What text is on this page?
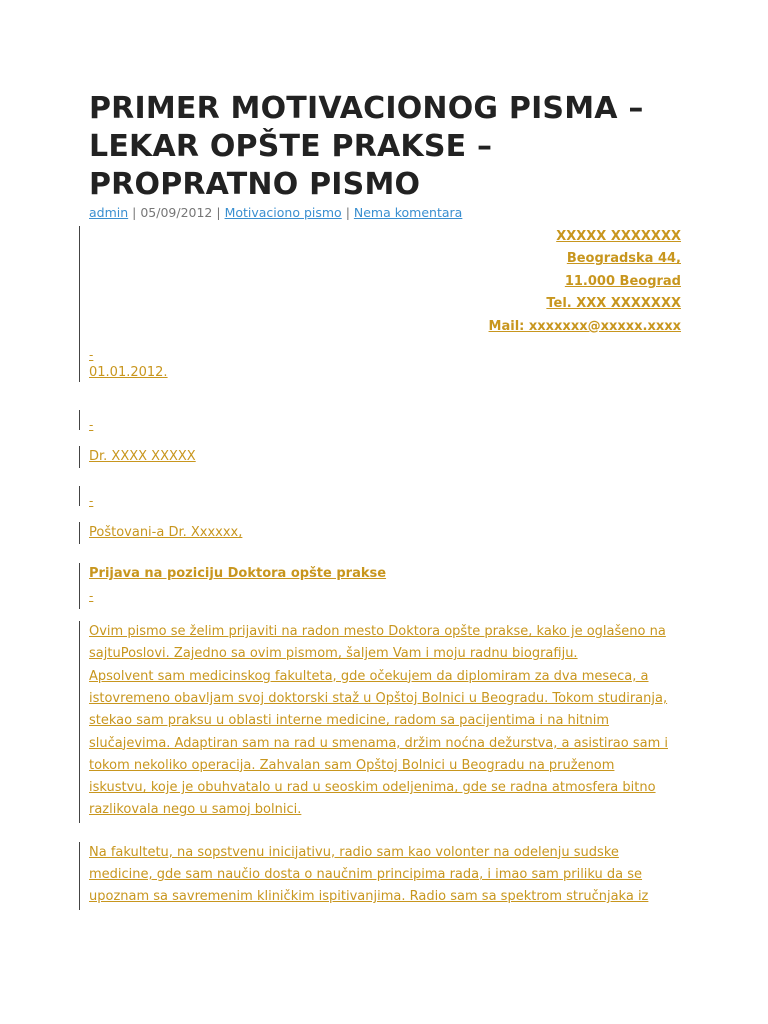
PRIMER MOTIVACIONOG PISMA – LEKAR OPŠTE PRAKSE – PROPRATNO PISMO
admin | 05/09/2012 | Motivaciono pismo | Nema komentara
XXXXX XXXXXXX
Beogradska 44,
11.000 Beograd
Tel. XXX XXXXXXX
Mail: xxxxxxx@xxxxx.xxxx
-
01.01.2012.
-
Dr. XXXX XXXXX
-
Poštovani-a Dr. Xxxxxx,
Prijava na poziciju Doktora opšte prakse
-
Ovim pismo se želim prijaviti na radon mesto Doktora opšte prakse, kako je oglašeno na
sajtuPoslovi. Zajedno sa ovim pismom, šaljem Vam i moju radnu biografiju.
Apsolvent sam medicinskog fakulteta, gde očekujem da diplomiram za dva meseca, a
istovremeno obavljam svoj doktorski staž u Opštoj Bolnici u Beogradu. Tokom studiranja,
stekao sam praksu u oblasti interne medicine, radom sa pacijentima i na hitnim
slučajevima. Adaptiran sam na rad u smenama, držim noćna dežurstva, a asistirao sam i
tokom nekoliko operacija. Zahvalan sam Opštoj Bolnici u Beogradu na pruženom
iskustvu, koje je obuhvatalo u rad u seoskim odeljenima, gde se radna atmosfera bitno
razlikovala nego u samoj bolnici.
Na fakultetu, na sopstvenu inicijativu, radio sam kao volonter na odelenju sudske
medicine, gde sam naučio dosta o naučnim principima rada, i imao sam priliku da se
upoznam sa savremenim kliničkim ispitivanjima. Radio sam sa spektrom stručnjaka iz
